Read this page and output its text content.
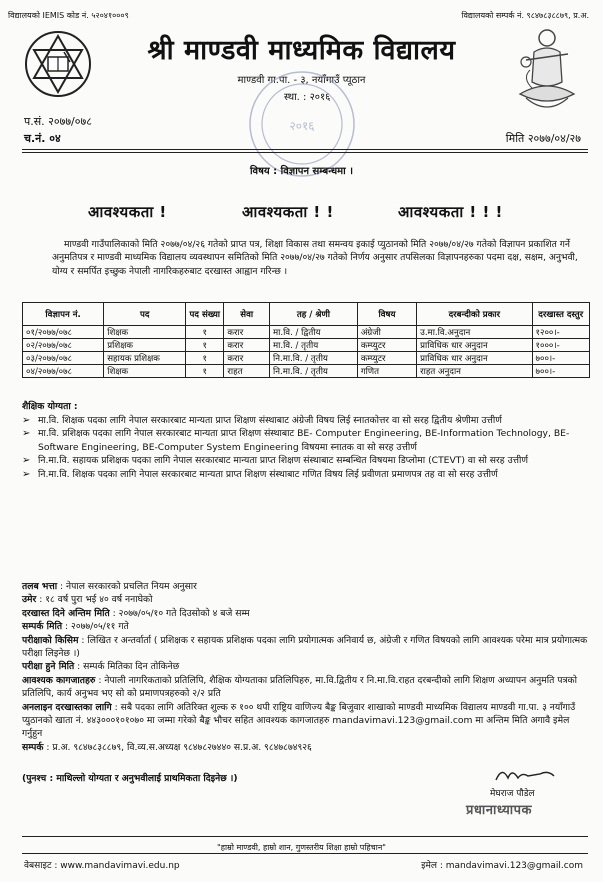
विद्यालयको IEMIS कोड नं. ५२०४१०००९	विद्यालयको सम्पर्क नं. ९८४७८३८८७९, प्र.अ.
श्री माण्डवी माध्यमिक विद्यालय
माण्डवी गा.पा. - ३, नयाँगाउँ प्यूठान
स्था. : २०१६
२०१६
प.सं. २०७७/०७८
च.नं. ०४	मिति २०७७/०४/२७
विषय : विज्ञापन सम्बन्धमा ।
आवश्यकता !	आवश्यकता ! !	आवश्यकता ! ! !
माण्डवी गाउँपालिकाको मिति २०७७/०४/२६ गतेको प्राप्त पत्र, शिक्षा विकास तथा समन्वय इकाई प्युठानको मिति २०७७/०४/२७ गतेको विज्ञापन प्रकाशित गर्ने अनुमतिपत्र र माण्डवी माध्यमिक विद्यालय व्यवस्थापन समितिको मिति २०७७/०४/२७ गतेको निर्णय अनुसार तपसिलका विज्ञापनहरुका पदमा दक्ष, सक्षम, अनुभवी, योग्य र समर्पित इच्छुक नेपाली नागरिकहरुबाट दरखास्त आह्वान गरिन्छ ।
विज्ञापन नं.	पद	पद संख्या	सेवा	तह / श्रेणी	विषय	दरबन्दीको प्रकार	दरखास्त दस्तुर
०१/२०७७/०७८	शिक्षक	१	करार	मा.वि. / द्वितीय	अंग्रेजी	उ.मा.वि.अनुदान	१२००।-
०२/२०७७/०७८	प्रशिक्षक	१	करार	मा.वि. / तृतीय	कम्प्युटर	प्राविधिक धार अनुदान	१०००।-
०३/२०७७/०७८	सहायक प्रशिक्षक	१	करार	नि.मा.वि. / तृतीय	कम्प्युटर	प्राविधिक धार अनुदान	७००।-
०४/२०७७/०७८	शिक्षक	१	राहत	नि.मा.वि. / तृतीय	गणित	राहत अनुदान	७००।-
शैक्षिक योग्यता :
➢ मा.वि. शिक्षक पदका लागि नेपाल सरकारबाट मान्यता प्राप्त शिक्षण संस्थाबाट अंग्रेजी विषय लिई स्नातकोत्तर वा सो सरह द्वितीय श्रेणीमा उत्तीर्ण
➢ मा.वि. प्रशिक्षक पदका लागि नेपाल सरकारबाट मान्यता प्राप्त शिक्षण संस्थाबाट BE- Computer Engineering, BE-Information Technology, BE-Software Engineering, BE-Computer System Engineering विषयमा स्नातक वा सो सरह उत्तीर्ण
➢ नि.मा.वि. सहायक प्रशिक्षक पदका लागि नेपाल सरकारबाट मान्यता प्राप्त शिक्षण संस्थाबाट सम्बन्धित विषयमा डिप्लोमा (CTEVT) वा सो सरह उत्तीर्ण
➢ नि.मा.वि. शिक्षक पदका लागि नेपाल सरकारबाट मान्यता प्राप्त शिक्षण संस्थाबाट गणित विषय लिई प्रवीणता प्रमाणपत्र तह वा सो सरह उत्तीर्ण
तलब भत्ता : नेपाल सरकारको प्रचलित नियम अनुसार
उमेर : १८ वर्ष पुरा भई ४० वर्ष ननाघेको
दरखास्त दिने अन्तिम मिति : २०७७/०५/१० गते दिउसोको ४ बजे सम्म
सम्पर्क मिति : २०७७/०५/११ गते
परीक्षाको किसिम : लिखित र अन्तर्वार्ता ( प्रशिक्षक र सहायक प्रशिक्षक पदका लागि प्रयोगात्मक अनिवार्य छ, अंग्रेजी र गणित विषयको लागि आवश्यक परेमा मात्र प्रयोगात्मक परीक्षा लिइनेछ ।)
परीक्षा हुने मिति : सम्पर्क मितिका दिन तोकिनेछ
आवश्यक कागजातहरु : नेपाली नागरिकताको प्रतिलिपि, शैक्षिक योग्यताका प्रतिलिपिहरु, मा.वि.द्वितीय र नि.मा.वि.राहत दरबन्दीको लागि शिक्षण अध्यापन अनुमति पत्रको प्रतिलिपि, कार्य अनुभव भए सो को प्रमाणपत्रहरुको २/२ प्रति
अनलाइन दरखास्तका लागि : सबै पदका लागि अतिरिक्त शुल्क रु १०० थपी राष्ट्रिय वाणिज्य बैङ्क बिजुवार शाखाको माण्डवी माध्यमिक विद्यालय माण्डवी गा.पा. ३ नयाँगाउँ प्युठानको खाता नं. ४४३०००१०१०७० मा जम्मा गरेको बैङ्क भौचर सहित आवश्यक कागजातहरु mandavimavi.123@gmail.com मा अन्तिम मिति अगावै इमेल गर्नुहुन
सम्पर्क : प्र.अ. ९८४७८३८८७९, वि.व्य.स.अध्यक्ष ९८४७८२७४४० स.प्र.अ. ९८४७८७४९२६
(पुनश्च : माथिल्लो योग्यता र अनुभवीलाई प्राथमिकता दिइनेछ ।)
मेघराज पौडेल
प्रधानाध्यापक
"हाम्रो माण्डवी, हाम्रो शान, गुणस्तरीय शिक्षा हाम्रो पहिचान"
वेबसाइट : www.mandavimavi.edu.np	इमेल : mandavimavi.123@gmail.com
